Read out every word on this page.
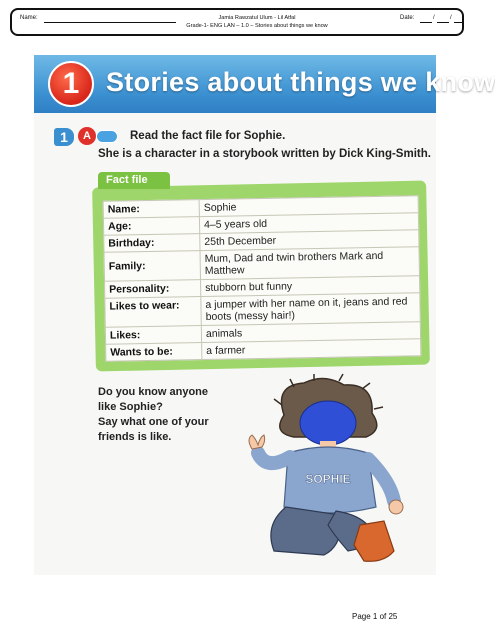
Name:	Jamia Rawzatul Ulum - Lil Atfal
Grade-1- ENG LAN – 1.0 – Stories about things we know
Date:	/	/
1 Stories about things we know
1	A	Read the fact file for Sophie.
She is a character in a storybook written by Dick King-Smith.
Fact file
Name:	Sophie
Age:	4–5 years old
Birthday:	25th December
Family:	Mum, Dad and twin brothers Mark and Matthew
Personality:	stubborn but funny
Likes to wear:	a jumper with her name on it, jeans and red boots (messy hair!)
Likes:	animals
Wants to be:	a farmer
Do you know anyone
like Sophie?
Say what one of your
friends is like.
SOPHIE
Page 1 of 25
